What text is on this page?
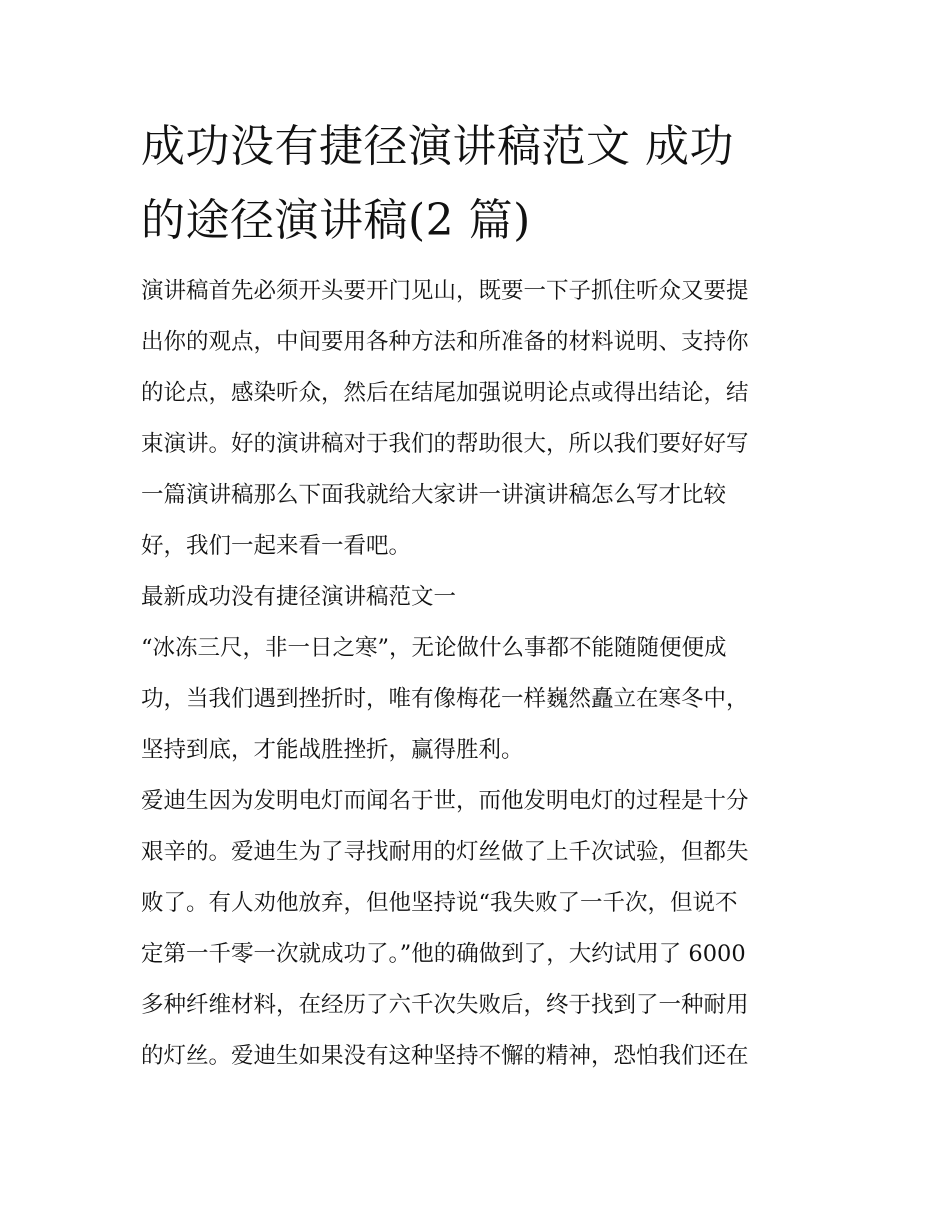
成功没有捷径演讲稿范文 成功
的途径演讲稿(2 篇)

演讲稿首先必须开头要开门见山，既要一下子抓住听众又要提
出你的观点，中间要用各种方法和所准备的材料说明、支持你
的论点，感染听众，然后在结尾加强说明论点或得出结论，结
束演讲。好的演讲稿对于我们的帮助很大，所以我们要好好写
一篇演讲稿那么下面我就给大家讲一讲演讲稿怎么写才比较
好，我们一起来看一看吧。

最新成功没有捷径演讲稿范文一

“冰冻三尺，非一日之寒”，无论做什么事都不能随随便便成
功，当我们遇到挫折时，唯有像梅花一样巍然矗立在寒冬中，
坚持到底，才能战胜挫折，赢得胜利。

爱迪生因为发明电灯而闻名于世，而他发明电灯的过程是十分
艰辛的。爱迪生为了寻找耐用的灯丝做了上千次试验，但都失
败了。有人劝他放弃，但他坚持说“我失败了一千次，但说不
定第一千零一次就成功了。”他的确做到了，大约试用了 6000
多种纤维材料，在经历了六千次失败后，终于找到了一种耐用
的灯丝。爱迪生如果没有这种坚持不懈的精神，恐怕我们还在
